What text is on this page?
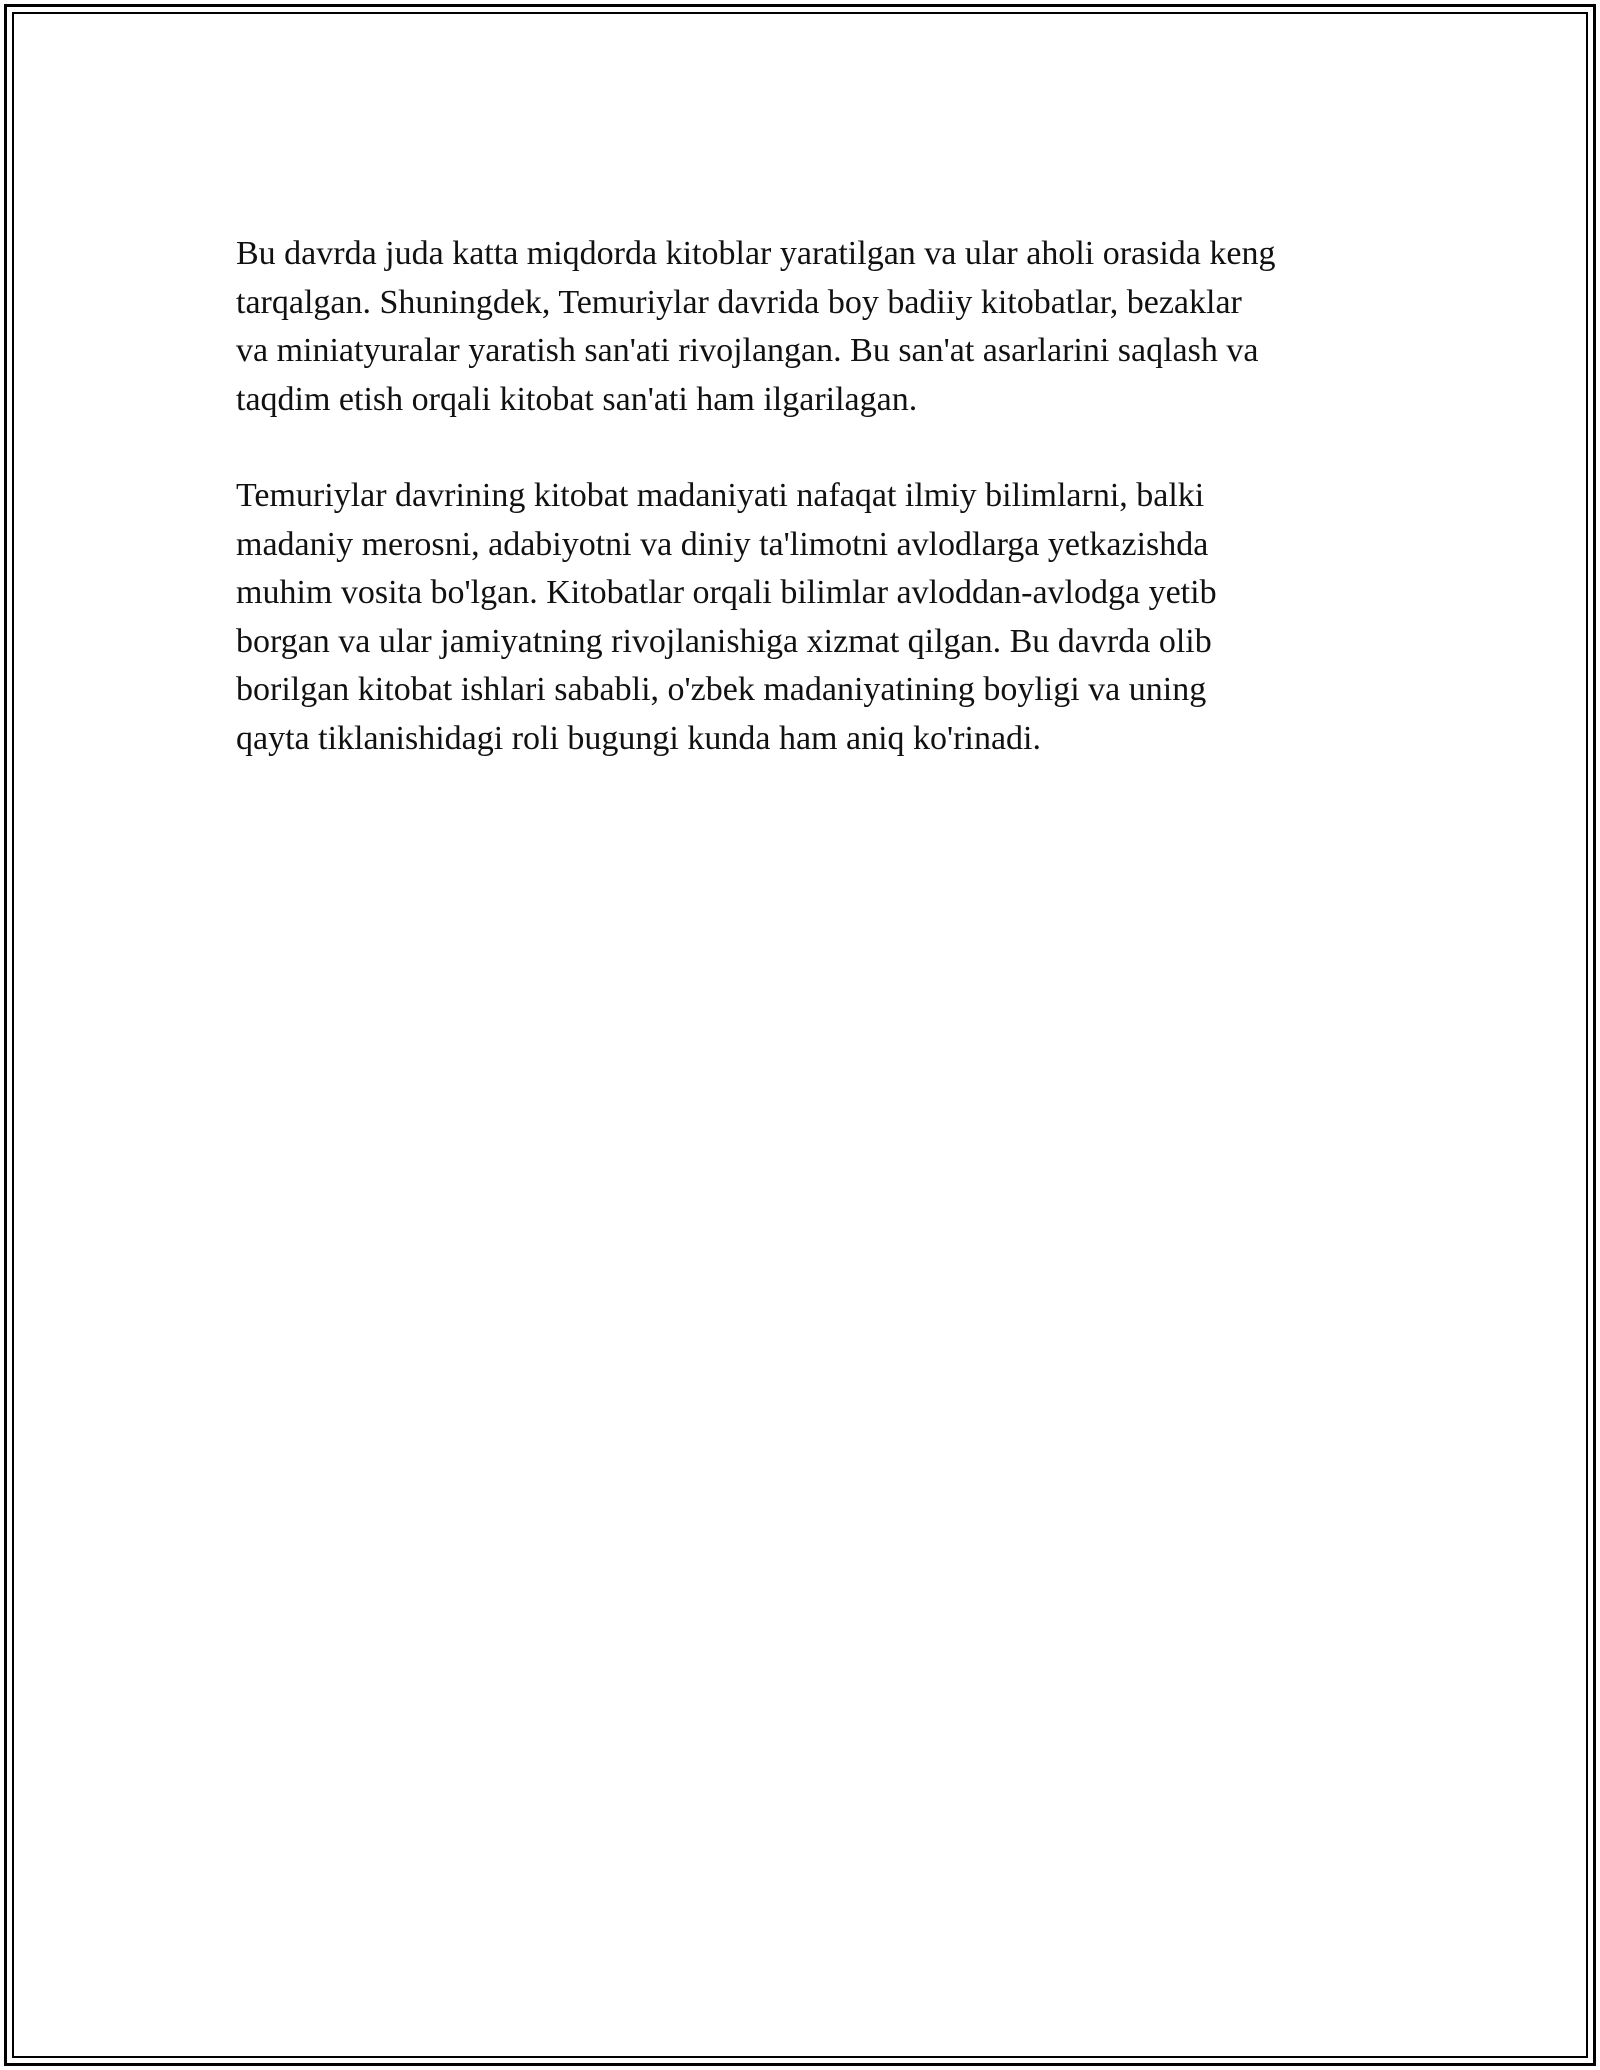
Bu davrda juda katta miqdorda kitoblar yaratilgan va ular aholi orasida keng
tarqalgan. Shuningdek, Temuriylar davrida boy badiiy kitobatlar, bezaklar
va miniatyuralar yaratish san'ati rivojlangan. Bu san'at asarlarini saqlash va
taqdim etish orqali kitobat san'ati ham ilgarilagan.

Temuriylar davrining kitobat madaniyati nafaqat ilmiy bilimlarni, balki
madaniy merosni, adabiyotni va diniy ta'limotni avlodlarga yetkazishda
muhim vosita bo'lgan. Kitobatlar orqali bilimlar avloddan-avlodga yetib
borgan va ular jamiyatning rivojlanishiga xizmat qilgan. Bu davrda olib
borilgan kitobat ishlari sababli, o'zbek madaniyatining boyligi va uning
qayta tiklanishidagi roli bugungi kunda ham aniq ko'rinadi.
